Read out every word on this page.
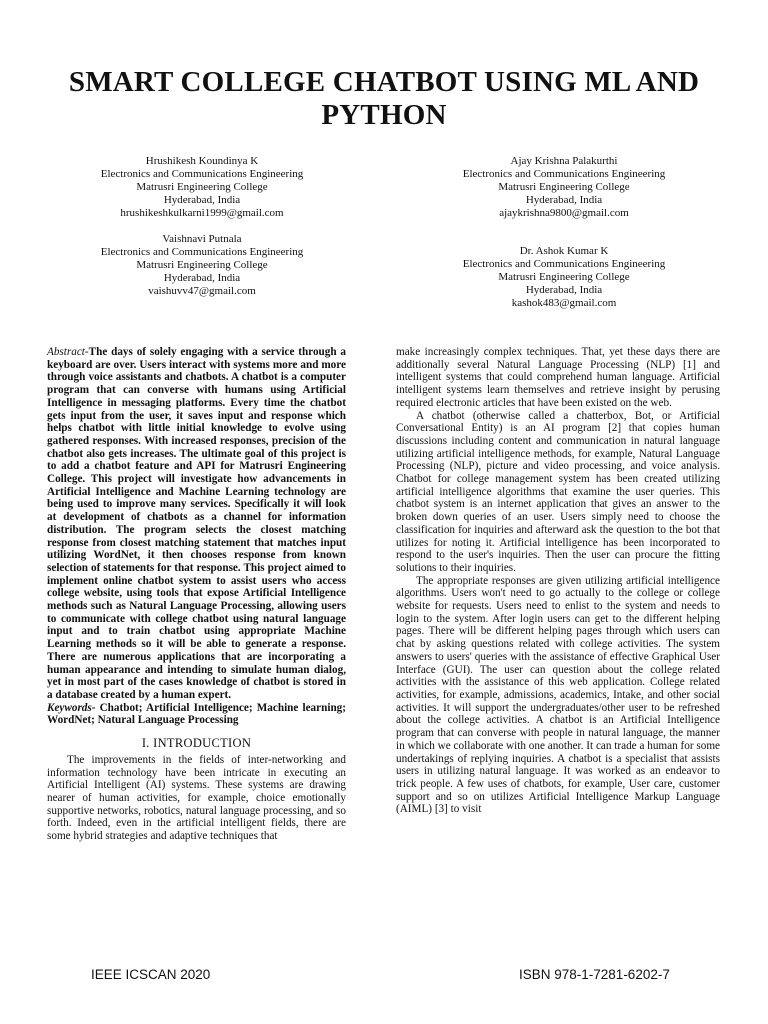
SMART COLLEGE CHATBOT USING ML AND
PYTHON
Hrushikesh Koundinya K
Electronics and Communications Engineering
Matrusri Engineering College
Hyderabad, India
hrushikeshkulkarni1999@gmail.com
Ajay Krishna Palakurthi
Electronics and Communications Engineering
Matrusri Engineering College
Hyderabad, India
ajaykrishna9800@gmail.com
Vaishnavi Putnala
Electronics and Communications Engineering
Matrusri Engineering College
Hyderabad, India
vaishuvv47@gmail.com
Dr. Ashok Kumar K
Electronics and Communications Engineering
Matrusri Engineering College
Hyderabad, India
kashok483@gmail.com

Abstract-The days of solely engaging with a service through a keyboard are over. Users interact with systems more and more through voice assistants and chatbots. A chatbot is a computer program that can converse with humans using Artificial Intelligence in messaging platforms. Every time the chatbot gets input from the user, it saves input and response which helps chatbot with little initial knowledge to evolve using gathered responses. With increased responses, precision of the chatbot also gets increases. The ultimate goal of this project is to add a chatbot feature and API for Matrusri Engineering College. This project will investigate how advancements in Artificial Intelligence and Machine Learning technology are being used to improve many services. Specifically it will look at development of chatbots as a channel for information distribution. The program selects the closest matching response from closest matching statement that matches input utilizing WordNet, it then chooses response from known selection of statements for that response. This project aimed to implement online chatbot system to assist users who access college website, using tools that expose Artificial Intelligence methods such as Natural Language Processing, allowing users to communicate with college chatbot using natural language input and to train chatbot using appropriate Machine Learning methods so it will be able to generate a response. There are numerous applications that are incorporating a human appearance and intending to simulate human dialog, yet in most part of the cases knowledge of chatbot is stored in a database created by a human expert.

Keywords- Chatbot; Artificial Intelligence; Machine learning; WordNet; Natural Language Processing

I. INTRODUCTION

The improvements in the fields of inter-networking and information technology have been intricate in executing an Artificial Intelligent (AI) systems. These systems are drawing nearer of human activities, for example, choice emotionally supportive networks, robotics, natural language processing, and so forth. Indeed, even in the artificial intelligent fields, there are some hybrid strategies and adaptive techniques that

make increasingly complex techniques. That, yet these days there are additionally several Natural Language Processing (NLP) [1] and intelligent systems that could comprehend human language. Artificial intelligent systems learn themselves and retrieve insight by perusing required electronic articles that have been existed on the web.

A chatbot (otherwise called a chatterbox, Bot, or Artificial Conversational Entity) is an AI program [2] that copies human discussions including content and communication in natural language utilizing artificial intelligence methods, for example, Natural Language Processing (NLP), picture and video processing, and voice analysis. Chatbot for college management system has been created utilizing artificial intelligence algorithms that examine the user queries. This chatbot system is an internet application that gives an answer to the broken down queries of an user. Users simply need to choose the classification for inquiries and afterward ask the question to the bot that utilizes for noting it. Artificial intelligence has been incorporated to respond to the user's inquiries. Then the user can procure the fitting solutions to their inquiries.

The appropriate responses are given utilizing artificial intelligence algorithms. Users won't need to go actually to the college or college website for requests. Users need to enlist to the system and needs to login to the system. After login users can get to the different helping pages. There will be different helping pages through which users can chat by asking questions related with college activities. The system answers to users' queries with the assistance of effective Graphical User Interface (GUI). The user can question about the college related activities with the assistance of this web application. College related activities, for example, admissions, academics, Intake, and other social activities. It will support the undergraduates/other user to be refreshed about the college activities. A chatbot is an Artificial Intelligence program that can converse with people in natural language, the manner in which we collaborate with one another. It can trade a human for some undertakings of replying inquiries. A chatbot is a specialist that assists users in utilizing natural language. It was worked as an endeavor to trick people. A few uses of chatbots, for example, User care, customer support and so on utilizes Artificial Intelligence Markup Language (AIML) [3] to visit

IEEE ICSCAN 2020	ISBN 978-1-7281-6202-7
